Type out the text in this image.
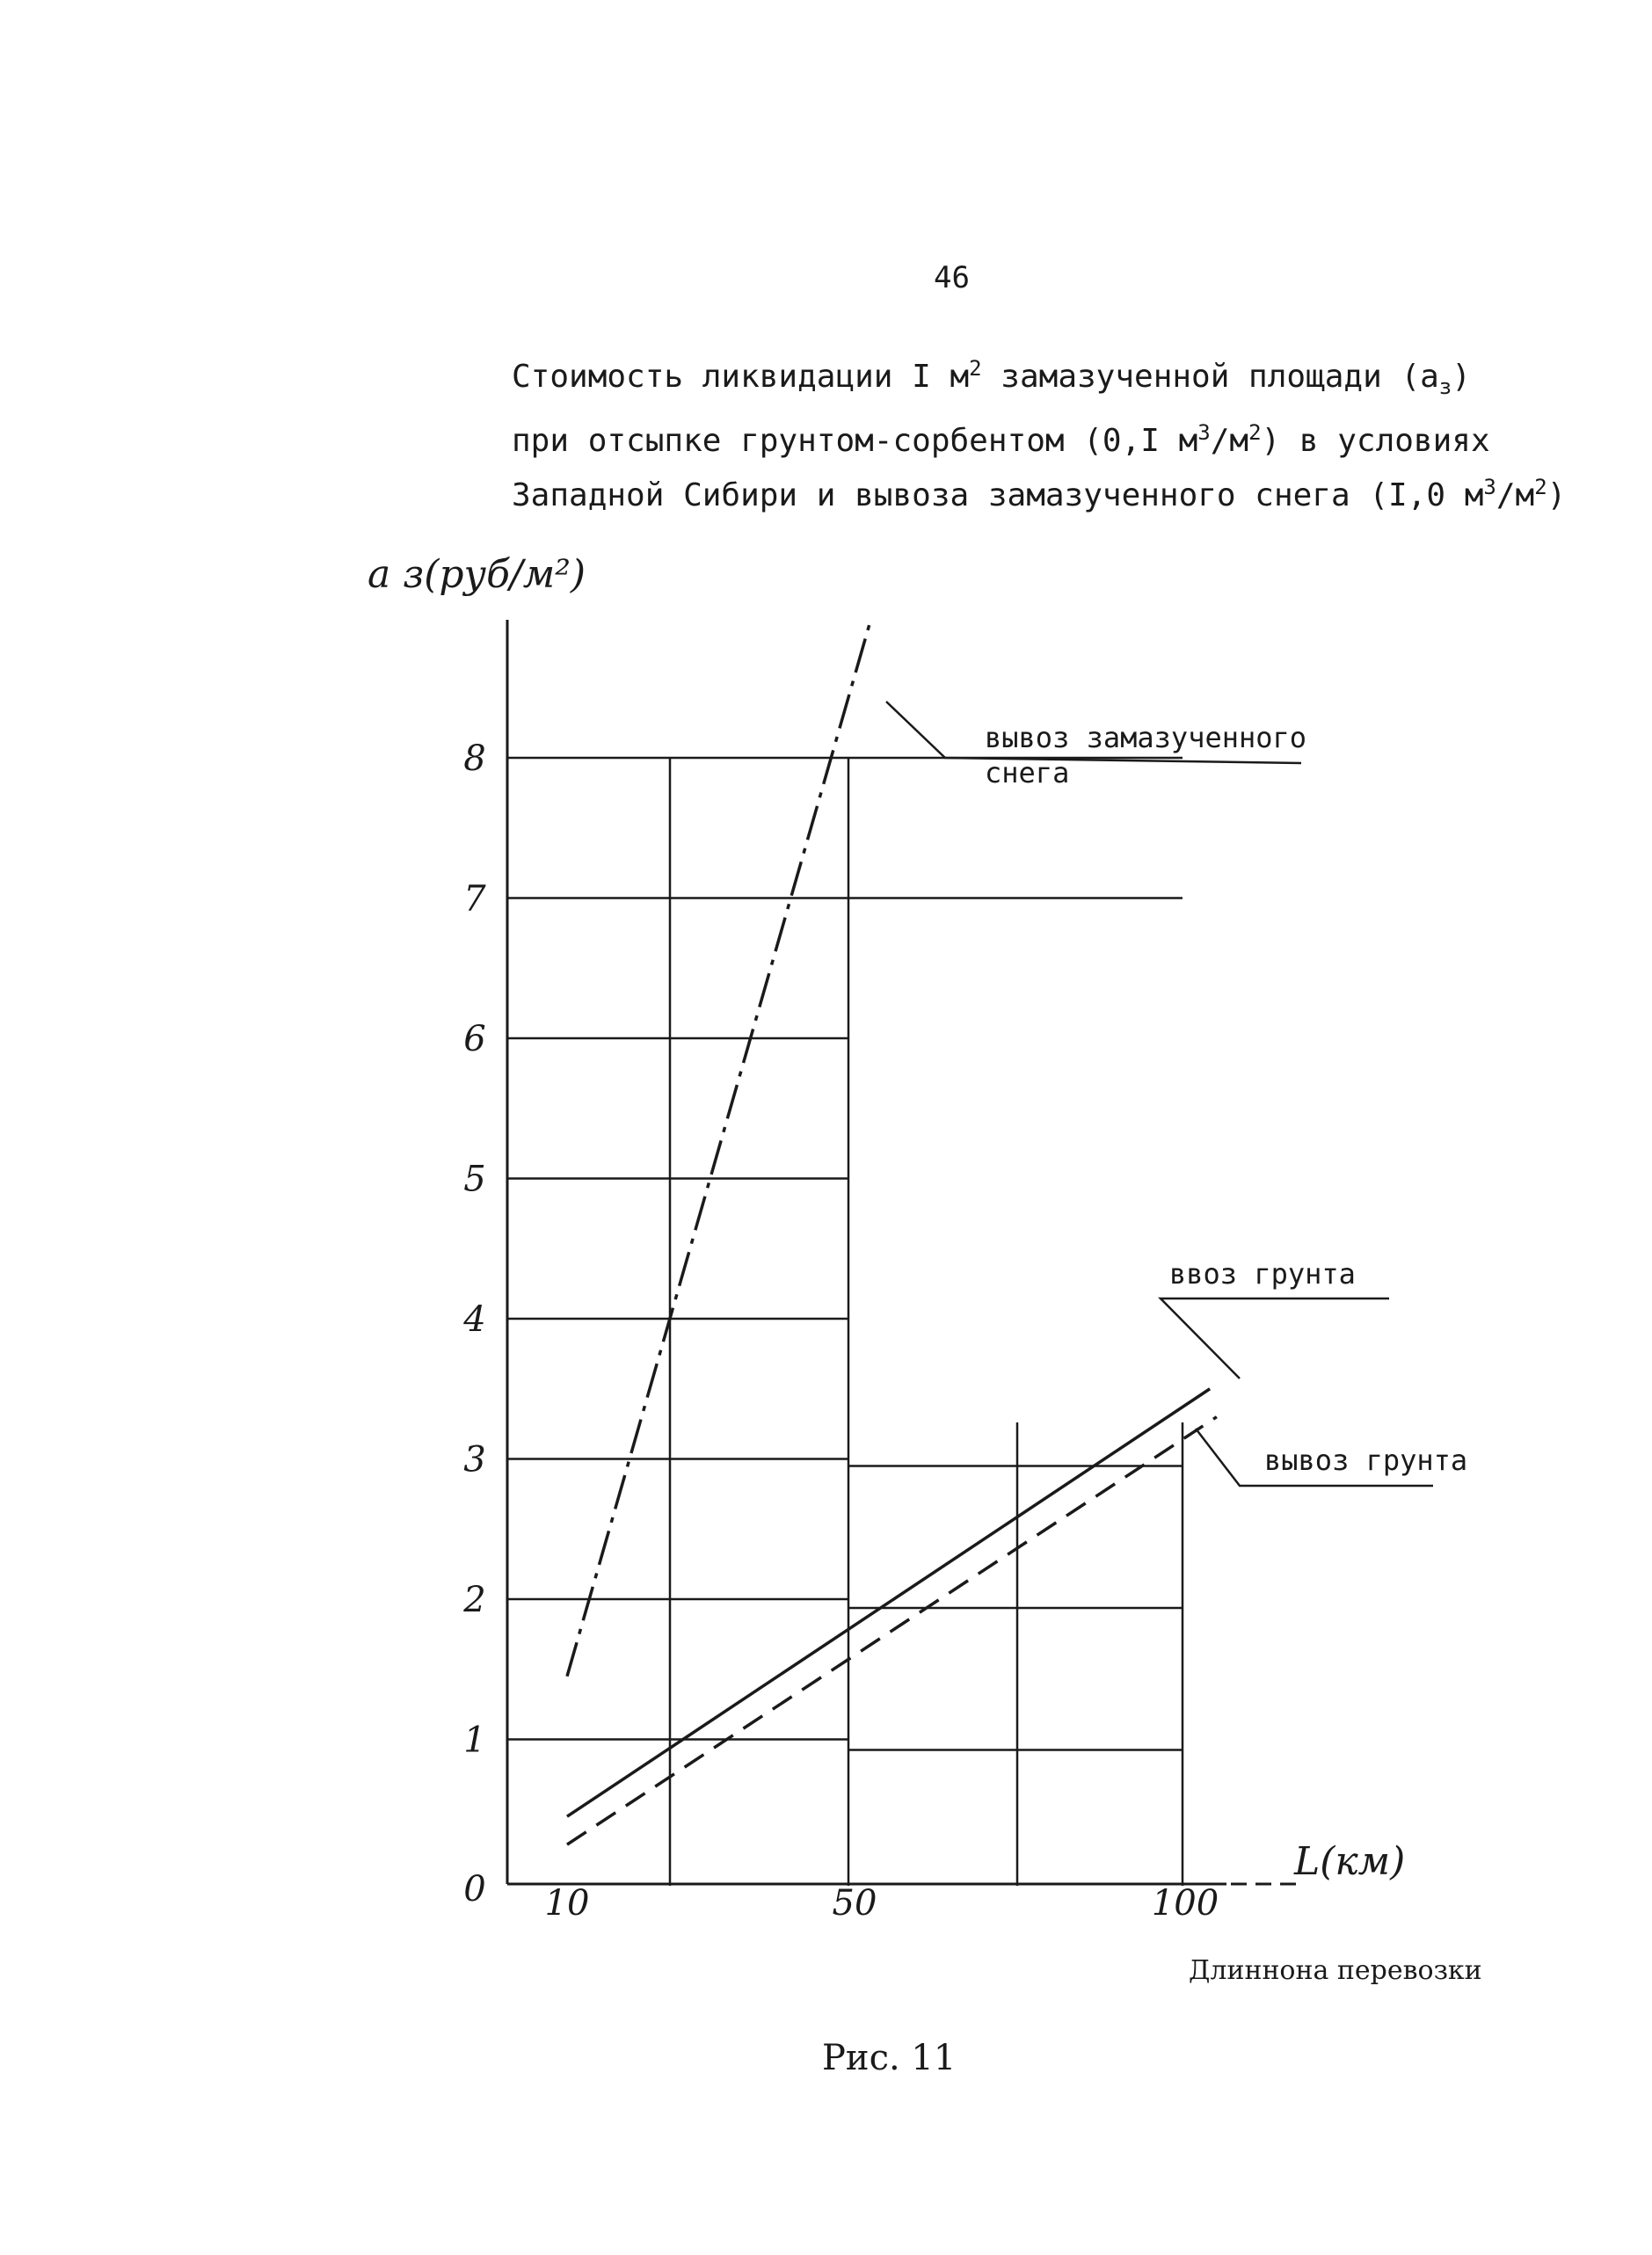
46
Стоимость ликвидации I $м^2$ замазученной площади $(а_з)$
при отсыпке грунтом-сорбентом (0,I $м^3/м^2$) в условиях
Западной Сибири и вывоза замазученного снега (I,0 $м^3/м^2$)
0
1
2
3
4
5
6
7
8
10	50	100
а з(руб/м²)
L(км)
вывоз замазученного
снега
ввоз грунта
вывоз грунта
Длиннона перевозки
Рис. 11
